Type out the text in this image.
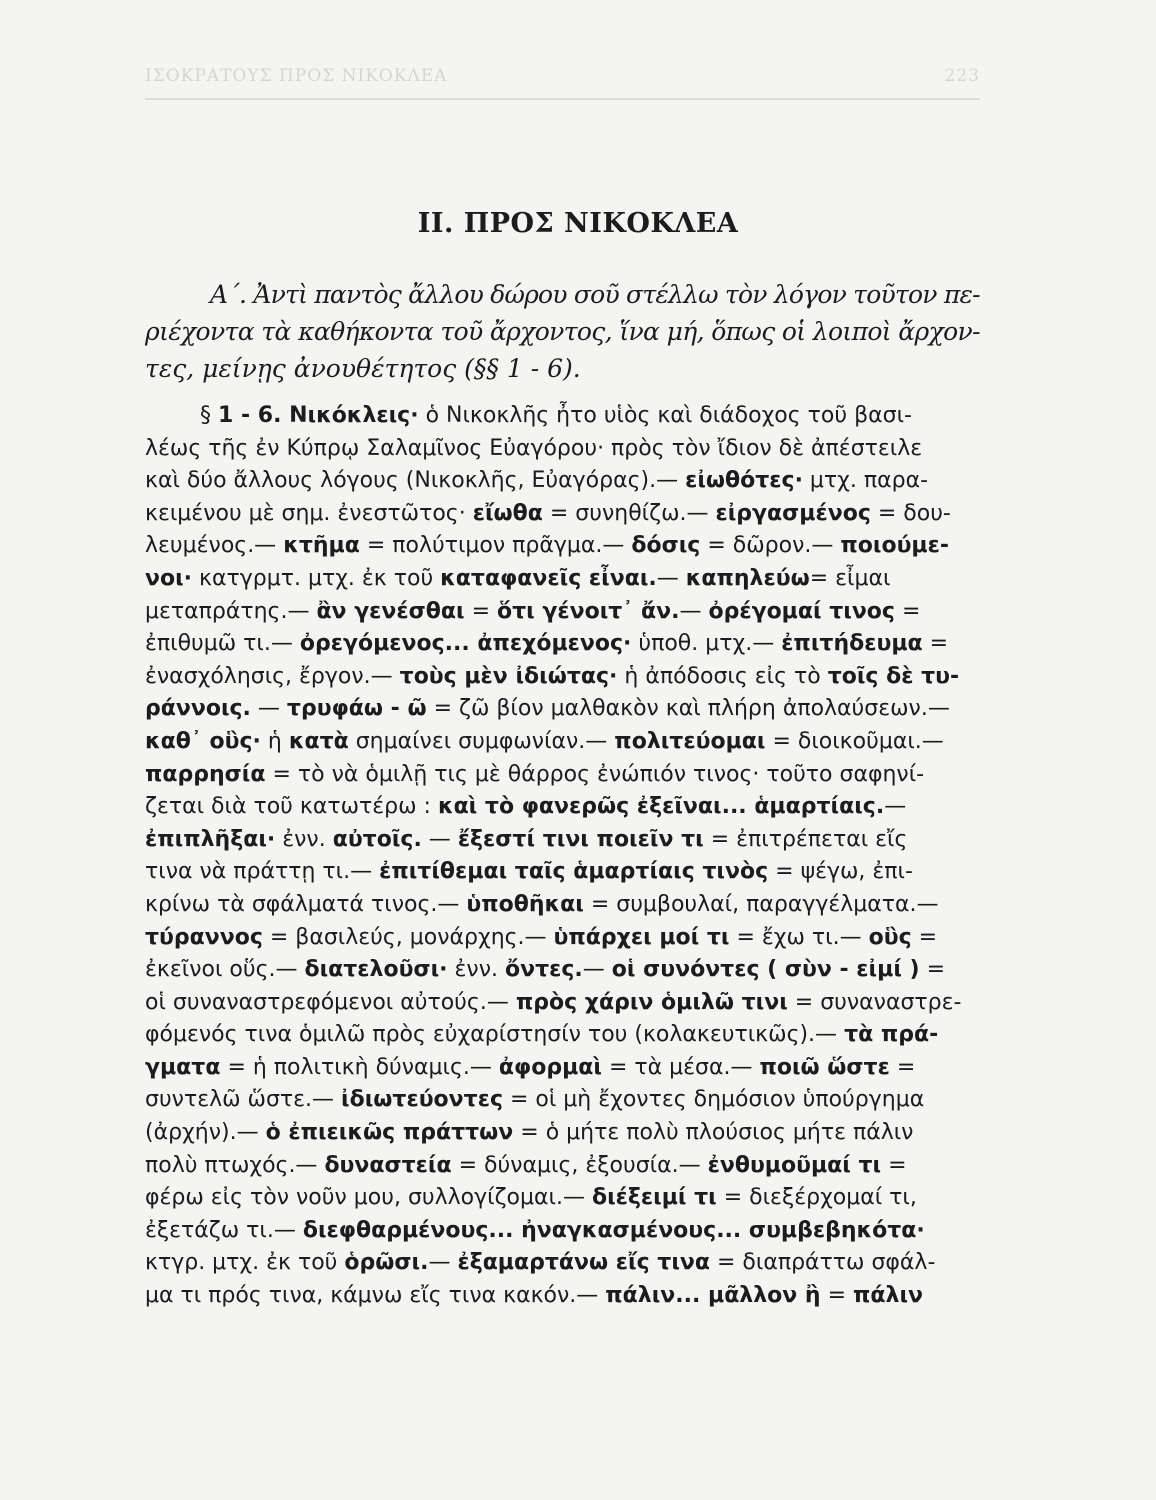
ΙΣΟΚΡΑΤΟΥΣ ΠΡΟΣ ΝΙΚΟΚΛΕΑ	223
II. ΠΡΟΣ ΝΙΚΟΚΛΕΑ
Α΄. Ἀντὶ παντὸς ἄλλου δώρου σοῦ στέλλω τὸν λόγον τοῦτον πε-
ριέχοντα τὰ καθήκοντα τοῦ ἄρχοντος, ἵνα μή, ὅπως οἱ λοιποὶ ἄρχον-
τες, μείνῃς ἀνουθέτητος (§§ 1 - 6).
§ 1 - 6. Νικόκλεις· ὁ Νικοκλῆς ἦτο υἱὸς καὶ διάδοχος τοῦ βασι-
λέως τῆς ἐν Κύπρῳ Σαλαμῖνος Εὐαγόρου· πρὸς τὸν ἴδιον δὲ ἀπέστειλε
καὶ δύο ἄλλους λόγους (Νικοκλῆς, Εὐαγόρας).— εἰωθότες· μτχ. παρα-
κειμένου μὲ σημ. ἐνεστῶτος· εἴωθα = συνηθίζω.— εἰργασμένος = δου-
λευμένος.— κτῆμα = πολύτιμον πρᾶγμα.— δόσις = δῶρον.— ποιούμε-
νοι· κατγρμτ. μτχ. ἐκ τοῦ καταφανεῖς εἶναι.— καπηλεύω= εἶμαι
μεταπράτης.— ἂν γενέσθαι = ὅτι γένοιτ᾽ ἄν.— ὀρέγομαί τινος =
ἐπιθυμῶ τι.— ὀρεγόμενος... ἀπεχόμενος· ὑποθ. μτχ.— ἐπιτήδευμα =
ἐνασχόλησις, ἔργον.— τοὺς μὲν ἰδιώτας· ἡ ἀπόδοσις εἰς τὸ τοῖς δὲ τυ-
ράννοις. — τρυφάω - ῶ = ζῶ βίον μαλθακὸν καὶ πλήρη ἀπολαύσεων.—
καθ᾽ οὓς· ἡ κατὰ σημαίνει συμφωνίαν.— πολιτεύομαι = διοικοῦμαι.—
παρρησία = τὸ νὰ ὁμιλῇ τις μὲ θάρρος ἐνώπιόν τινος· τοῦτο σαφηνί-
ζεται διὰ τοῦ κατωτέρω : καὶ τὸ φανερῶς ἐξεῖναι... ἁμαρτίαις.—
ἐπιπλῆξαι· ἐνν. αὐτοῖς. — ἔξεστί τινι ποιεῖν τι = ἐπιτρέπεται εἴς
τινα νὰ πράττῃ τι.— ἐπιτίθεμαι ταῖς ἁμαρτίαις τινὸς = ψέγω, ἐπι-
κρίνω τὰ σφάλματά τινος.— ὑποθῆκαι = συμβουλαί, παραγγέλματα.—
τύραννος = βασιλεύς, μονάρχης.— ὑπάρχει μοί τι = ἔχω τι.— οὓς =
ἐκεῖνοι οὕς.— διατελοῦσι· ἐνν. ὄντες.— οἱ συνόντες ( σὺν - εἰμί ) =
οἱ συναναστρεφόμενοι αὐτούς.— πρὸς χάριν ὁμιλῶ τινι = συναναστρε-
φόμενός τινα ὁμιλῶ πρὸς εὐχαρίστησίν του (κολακευτικῶς).— τὰ πρά-
γματα = ἡ πολιτικὴ δύναμις.— ἀφορμαὶ = τὰ μέσα.— ποιῶ ὥστε =
συντελῶ ὥστε.— ἰδιωτεύοντες = οἱ μὴ ἔχοντες δημόσιον ὑπούργημα
(ἀρχήν).— ὁ ἐπιεικῶς πράττων = ὁ μήτε πολὺ πλούσιος μήτε πάλιν
πολὺ πτωχός.— δυναστεία = δύναμις, ἐξουσία.— ἐνθυμοῦμαί τι =
φέρω εἰς τὸν νοῦν μου, συλλογίζομαι.— διέξειμί τι = διεξέρχομαί τι,
ἐξετάζω τι.— διεφθαρμένους... ἠναγκασμένους... συμβεβηκότα·
κτγρ. μτχ. ἐκ τοῦ ὁρῶσι.— ἐξαμαρτάνω εἴς τινα = διαπράττω σφάλ-
μα τι πρός τινα, κάμνω εἴς τινα κακόν.— πάλιν... μᾶλλον ἢ = πάλιν
